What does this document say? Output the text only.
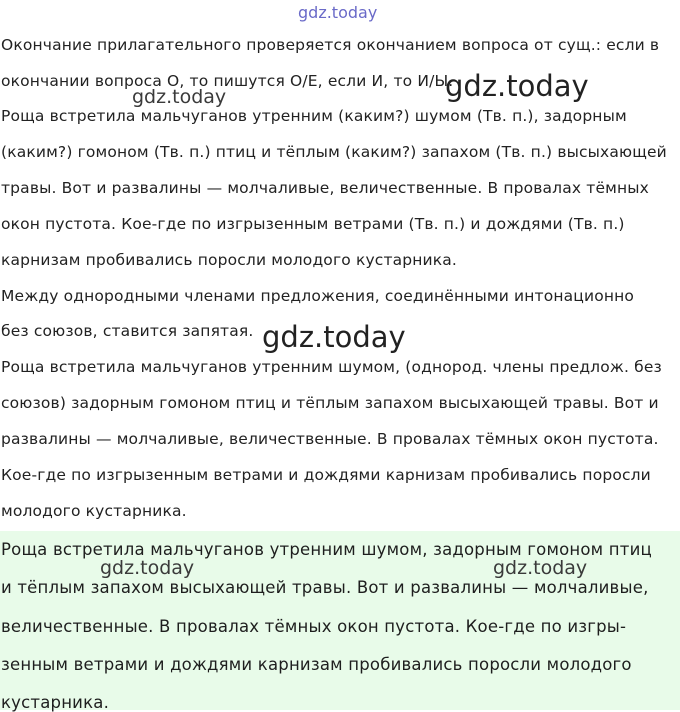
Окончание прилагательного проверяется окончанием вопроса от сущ.: если в
окончании вопроса О, то пишутся О/Е, если И, то И/Ы.
Роща встретила мальчуганов утренним (каким?) шумом (Тв. п.), задорным
(каким?) гомоном (Тв. п.) птиц и тёплым (каким?) запахом (Тв. п.) высыхающей
травы. Вот и развалины — молчаливые, величественные. В провалах тёмных
окон пустота. Кое-где по изгрызенным ветрами (Тв. п.) и дождями (Тв. п.)
карнизам пробивались поросли молодого кустарника.
Между однородными членами предложения, соединёнными интонационно
без союзов, ставится запятая.
Роща встретила мальчуганов утренним шумом, (однород. члены предлож. без
союзов) задорным гомоном птиц и тёплым запахом высыхающей травы. Вот и
развалины — молчаливые, величественные. В провалах тёмных окон пустота.
Кое-где по изгрызенным ветрами и дождями карнизам пробивались поросли
молодого кустарника.
Роща встретила мальчуганов утренним шумом, задорным гомоном птиц
и тёплым запахом высыхающей травы. Вот и развалины — молчаливые,
величественные. В провалах тёмных окон пустота. Кое-где по изгры-
зенным ветрами и дождями карнизам пробивались поросли молодого
кустарника.
gdz.today
gdz.today
gdz.today
gdz.today
gdz.today	gdz.today
